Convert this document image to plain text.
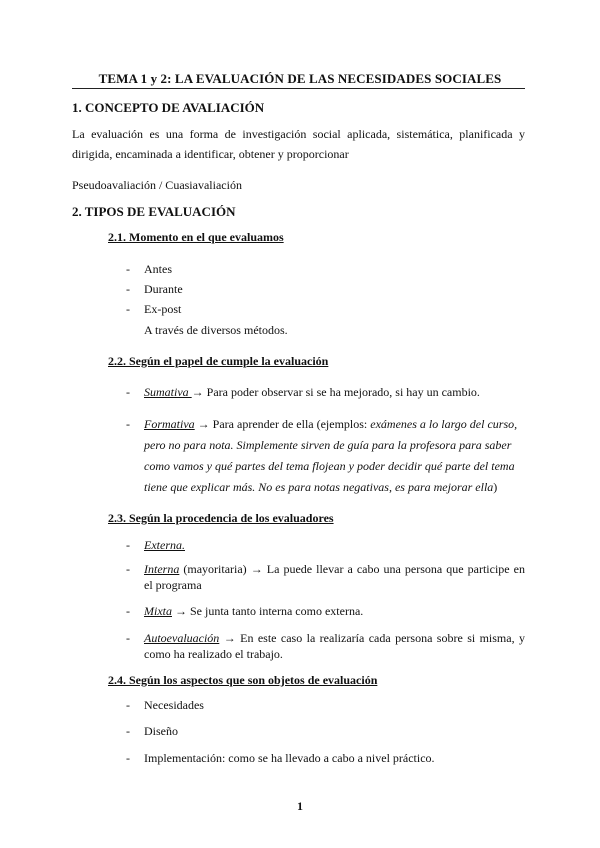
TEMA 1 y 2: LA EVALUACIÓN DE LAS NECESIDADES SOCIALES
1. CONCEPTO DE AVALIACIÓN
La evaluación es una forma de investigación social aplicada, sistemática, planificada y
dirigida, encaminada a identificar, obtener y proporcionar
Pseudoavaliación / Cuasiavaliación
2. TIPOS DE EVALUACIÓN
2.1. Momento en el que evaluamos
- Antes
- Durante
- Ex-post
A través de diversos métodos.
2.2. Según el papel de cumple la evaluación
- Sumativa → Para poder observar si se ha mejorado, si hay un cambio.
- Formativa → Para aprender de ella (ejemplos: exámenes a lo largo del curso,
pero no para nota. Simplemente sirven de guía para la profesora para saber
como vamos y qué partes del tema flojean y poder decidir qué parte del tema
tiene que explicar más. No es para notas negativas, es para mejorar ella)
2.3. Según la procedencia de los evaluadores
- Externa.
- Interna (mayoritaria) → La puede llevar a cabo una persona que participe en
el programa
- Mixta → Se junta tanto interna como externa.
- Autoevaluación → En este caso la realizaría cada persona sobre si misma, y
como ha realizado el trabajo.
2.4. Según los aspectos que son objetos de evaluación
- Necesidades
- Diseño
- Implementación: como se ha llevado a cabo a nivel práctico.
1
